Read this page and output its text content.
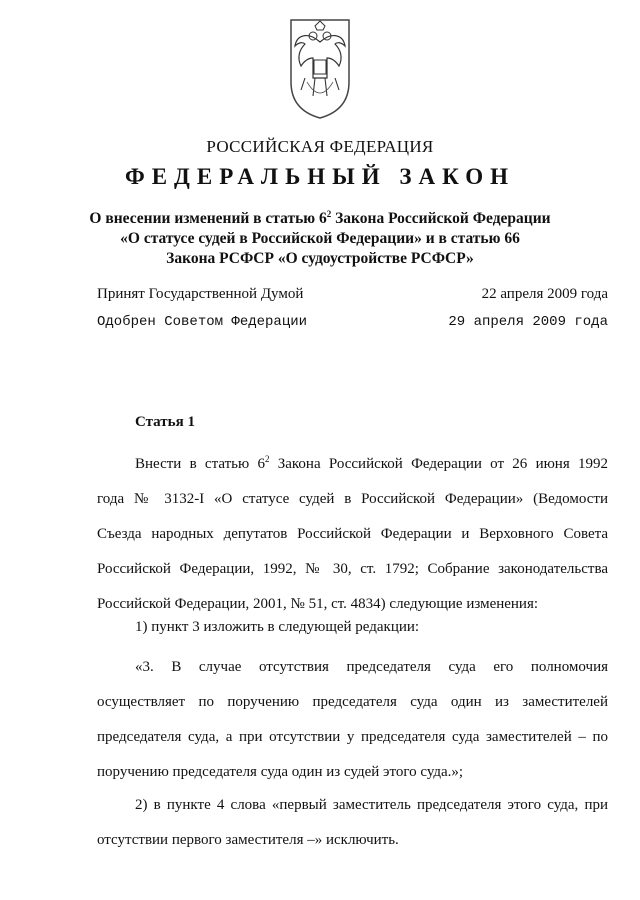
РОССИЙСКАЯ ФЕДЕРАЦИЯ
ФЕДЕРАЛЬНЫЙ ЗАКОН
О внесении изменений в статью $6^2$ Закона Российской Федерации
«О статусе судей в Российской Федерации» и в статью 66
Закона РСФСР «О судоустройстве РСФСР»
Принят Государственной Думой	22 апреля 2009 года
Одобрен Советом Федерации	29 апреля 2009 года
Статья 1
Внести в статью $6^2$ Закона Российской Федерации от 26 июня 1992
года № 3132-I «О статусе судей в Российской Федерации» (Ведомости
Съезда народных депутатов Российской Федерации и Верховного Совета
Российской Федерации, 1992, № 30, ст. 1792; Собрание законодательства
Российской Федерации, 2001, № 51, ст. 4834) следующие изменения:
1) пункт 3 изложить в следующей редакции:
«3. В случае отсутствия председателя суда его полномочия
осуществляет по поручению председателя суда один из заместителей
председателя суда, а при отсутствии у председателя суда заместителей – по
поручению председателя суда один из судей этого суда.»;
2) в пункте 4 слова «первый заместитель председателя этого суда, при
отсутствии первого заместителя –» исключить.
